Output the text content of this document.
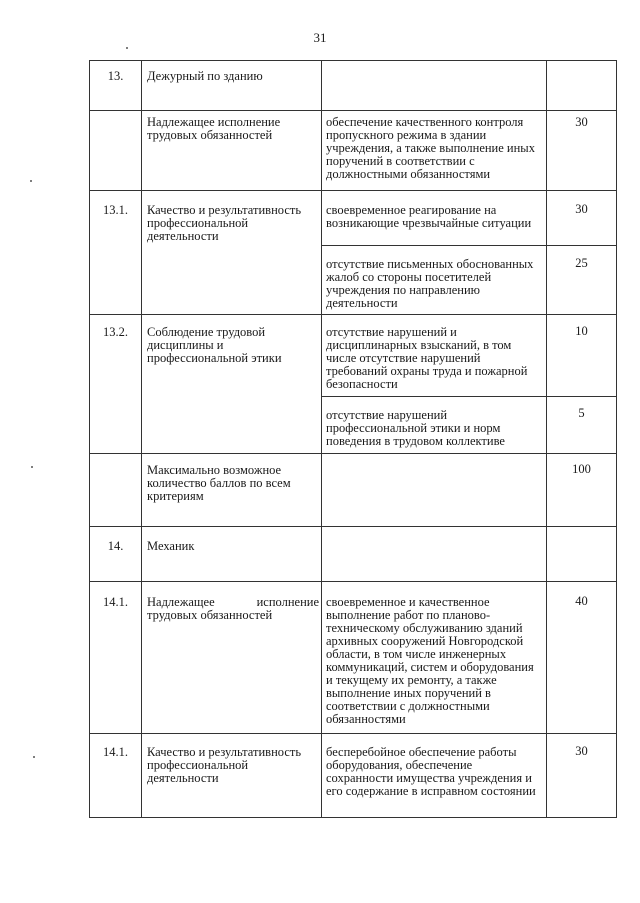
31
13.	Дежурный по зданию		

	Надлежащее исполнение трудовых обязанностей	обеспечение качественного контроля пропускного режима в здании учреждения, а также выполнение иных поручений в соответствии с должностными обязанностями	30

13.1.	Качество и результативность профессиональной деятельности	своевременное реагирование на возникающие чрезвычайные ситуации	30

		отсутствие письменных обоснованных жалоб со стороны посетителей учреждения по направлению деятельности	25

13.2.	Соблюдение трудовой дисциплины и профессиональной этики	отсутствие нарушений и дисциплинарных взысканий, в том числе отсутствие нарушений требований охраны труда и пожарной безопасности	10

		отсутствие нарушений профессиональной этики и норм поведения в трудовом коллективе	5

	Максимально возможное количество баллов по всем критериям		100

14.	Механик		

14.1.	Надлежащее исполнение трудовых обязанностей	своевременное и качественное выполнение работ по планово-техническому обслуживанию зданий архивных сооружений Новгородской области, в том числе инженерных коммуникаций, систем и оборудования и текущему их ремонту, а также выполнение иных поручений в соответствии с должностными обязанностями	40

14.1.	Качество и результативность профессиональной деятельности	бесперебойное обеспечение работы оборудования, обеспечение сохранности имущества учреждения и его содержание в исправном состоянии	30
